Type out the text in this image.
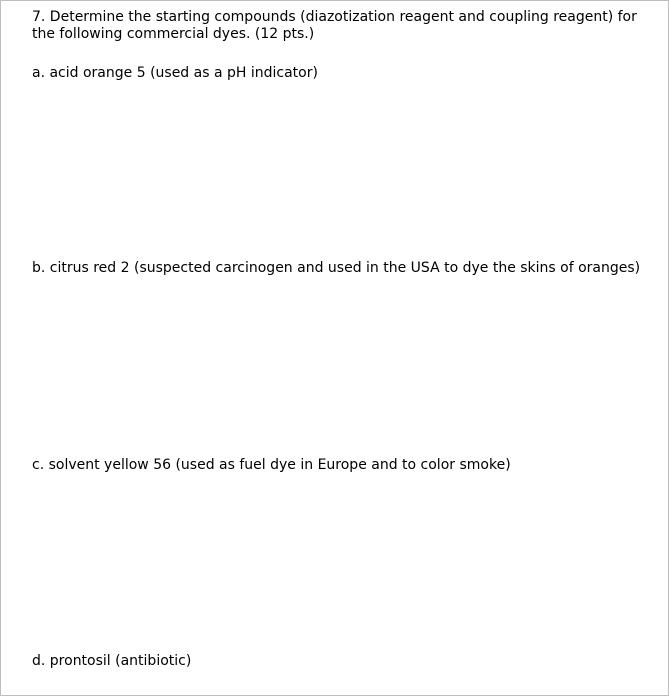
7. Determine the starting compounds (diazotization reagent and coupling reagent) for the following commercial dyes. (12 pts.)
a. acid orange 5 (used as a pH indicator)
b. citrus red 2 (suspected carcinogen and used in the USA to dye the skins of oranges)
c. solvent yellow 56 (used as fuel dye in Europe and to color smoke)
d. prontosil (antibiotic)
